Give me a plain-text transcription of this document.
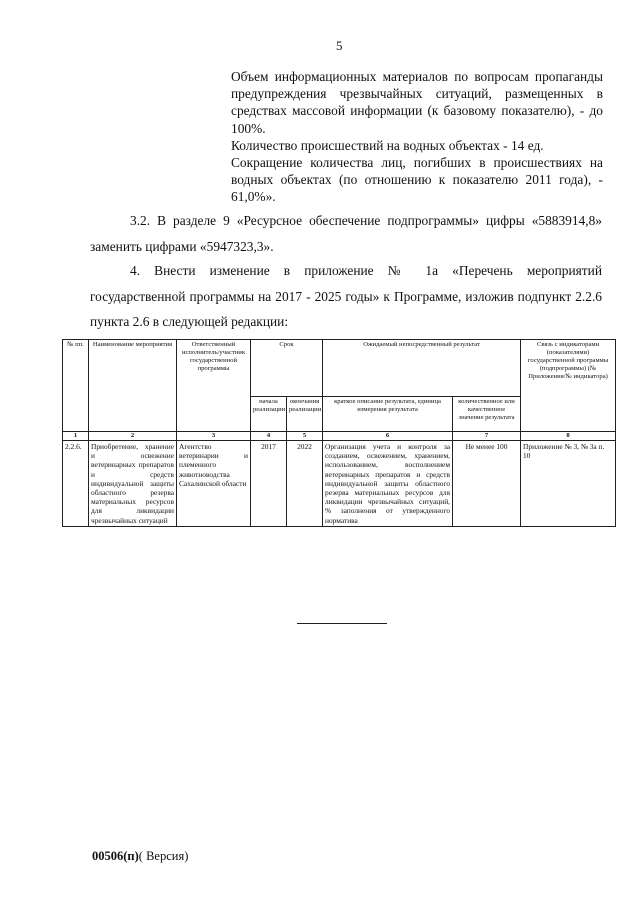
5

Объем информационных материалов по вопросам пропаганды предупреждения чрезвычайных ситуаций, размещенных в средствах массовой информации (к базовому показателю), - до 100%.

Количество происшествий на водных объектах - 14 ед.

Сокращение количества лиц, погибших в происшествиях на водных объектах (по отношению к показателю 2011 года), - 61,0%».

3.2. В разделе 9 «Ресурсное обеспечение подпрограммы» цифры «5883914,8» заменить цифрами «5947323,3».

4. Внести изменение в приложение № 1а «Перечень мероприятий государственной программы на 2017 - 2025 годы» к Программе, изложив подпункт 2.2.6 пункта 2.6 в следующей редакции:

№ пп.	Наименование мероприятия	Ответственный исполнитель/участник государственной программы	Срок		Ожидаемый непосредственный результат		Связь с индикаторами (показателями) государственной программы (подпрограммы) (№ Приложения/№ индикатора)
			начала реализации	окончания реализации	краткое описание результата, единица измерения результата	количественное или качественное значение результата	
1	2	3	4	5	6	7	8
2.2.6.	Приобретение, хранение и освежение ветеринарных препаратов и средств индивидуальной защиты областного резерва материальных ресурсов для ликвидации чрезвычайных ситуаций	Агентство ветеринарии и племенного животноводства Сахалинской области	2017	2022	Организация учета и контроля за созданием, освежением, хранением, использованием, восполнением ветеринарных препаратов и средств индивидуальной защиты областного резерва материальных ресурсов для ликвидации чрезвычайных ситуаций, % заполнения от утвержденного норматива	Не менее 100	Приложение № 3, № 3а п. 10
00506(п)( Версия)
